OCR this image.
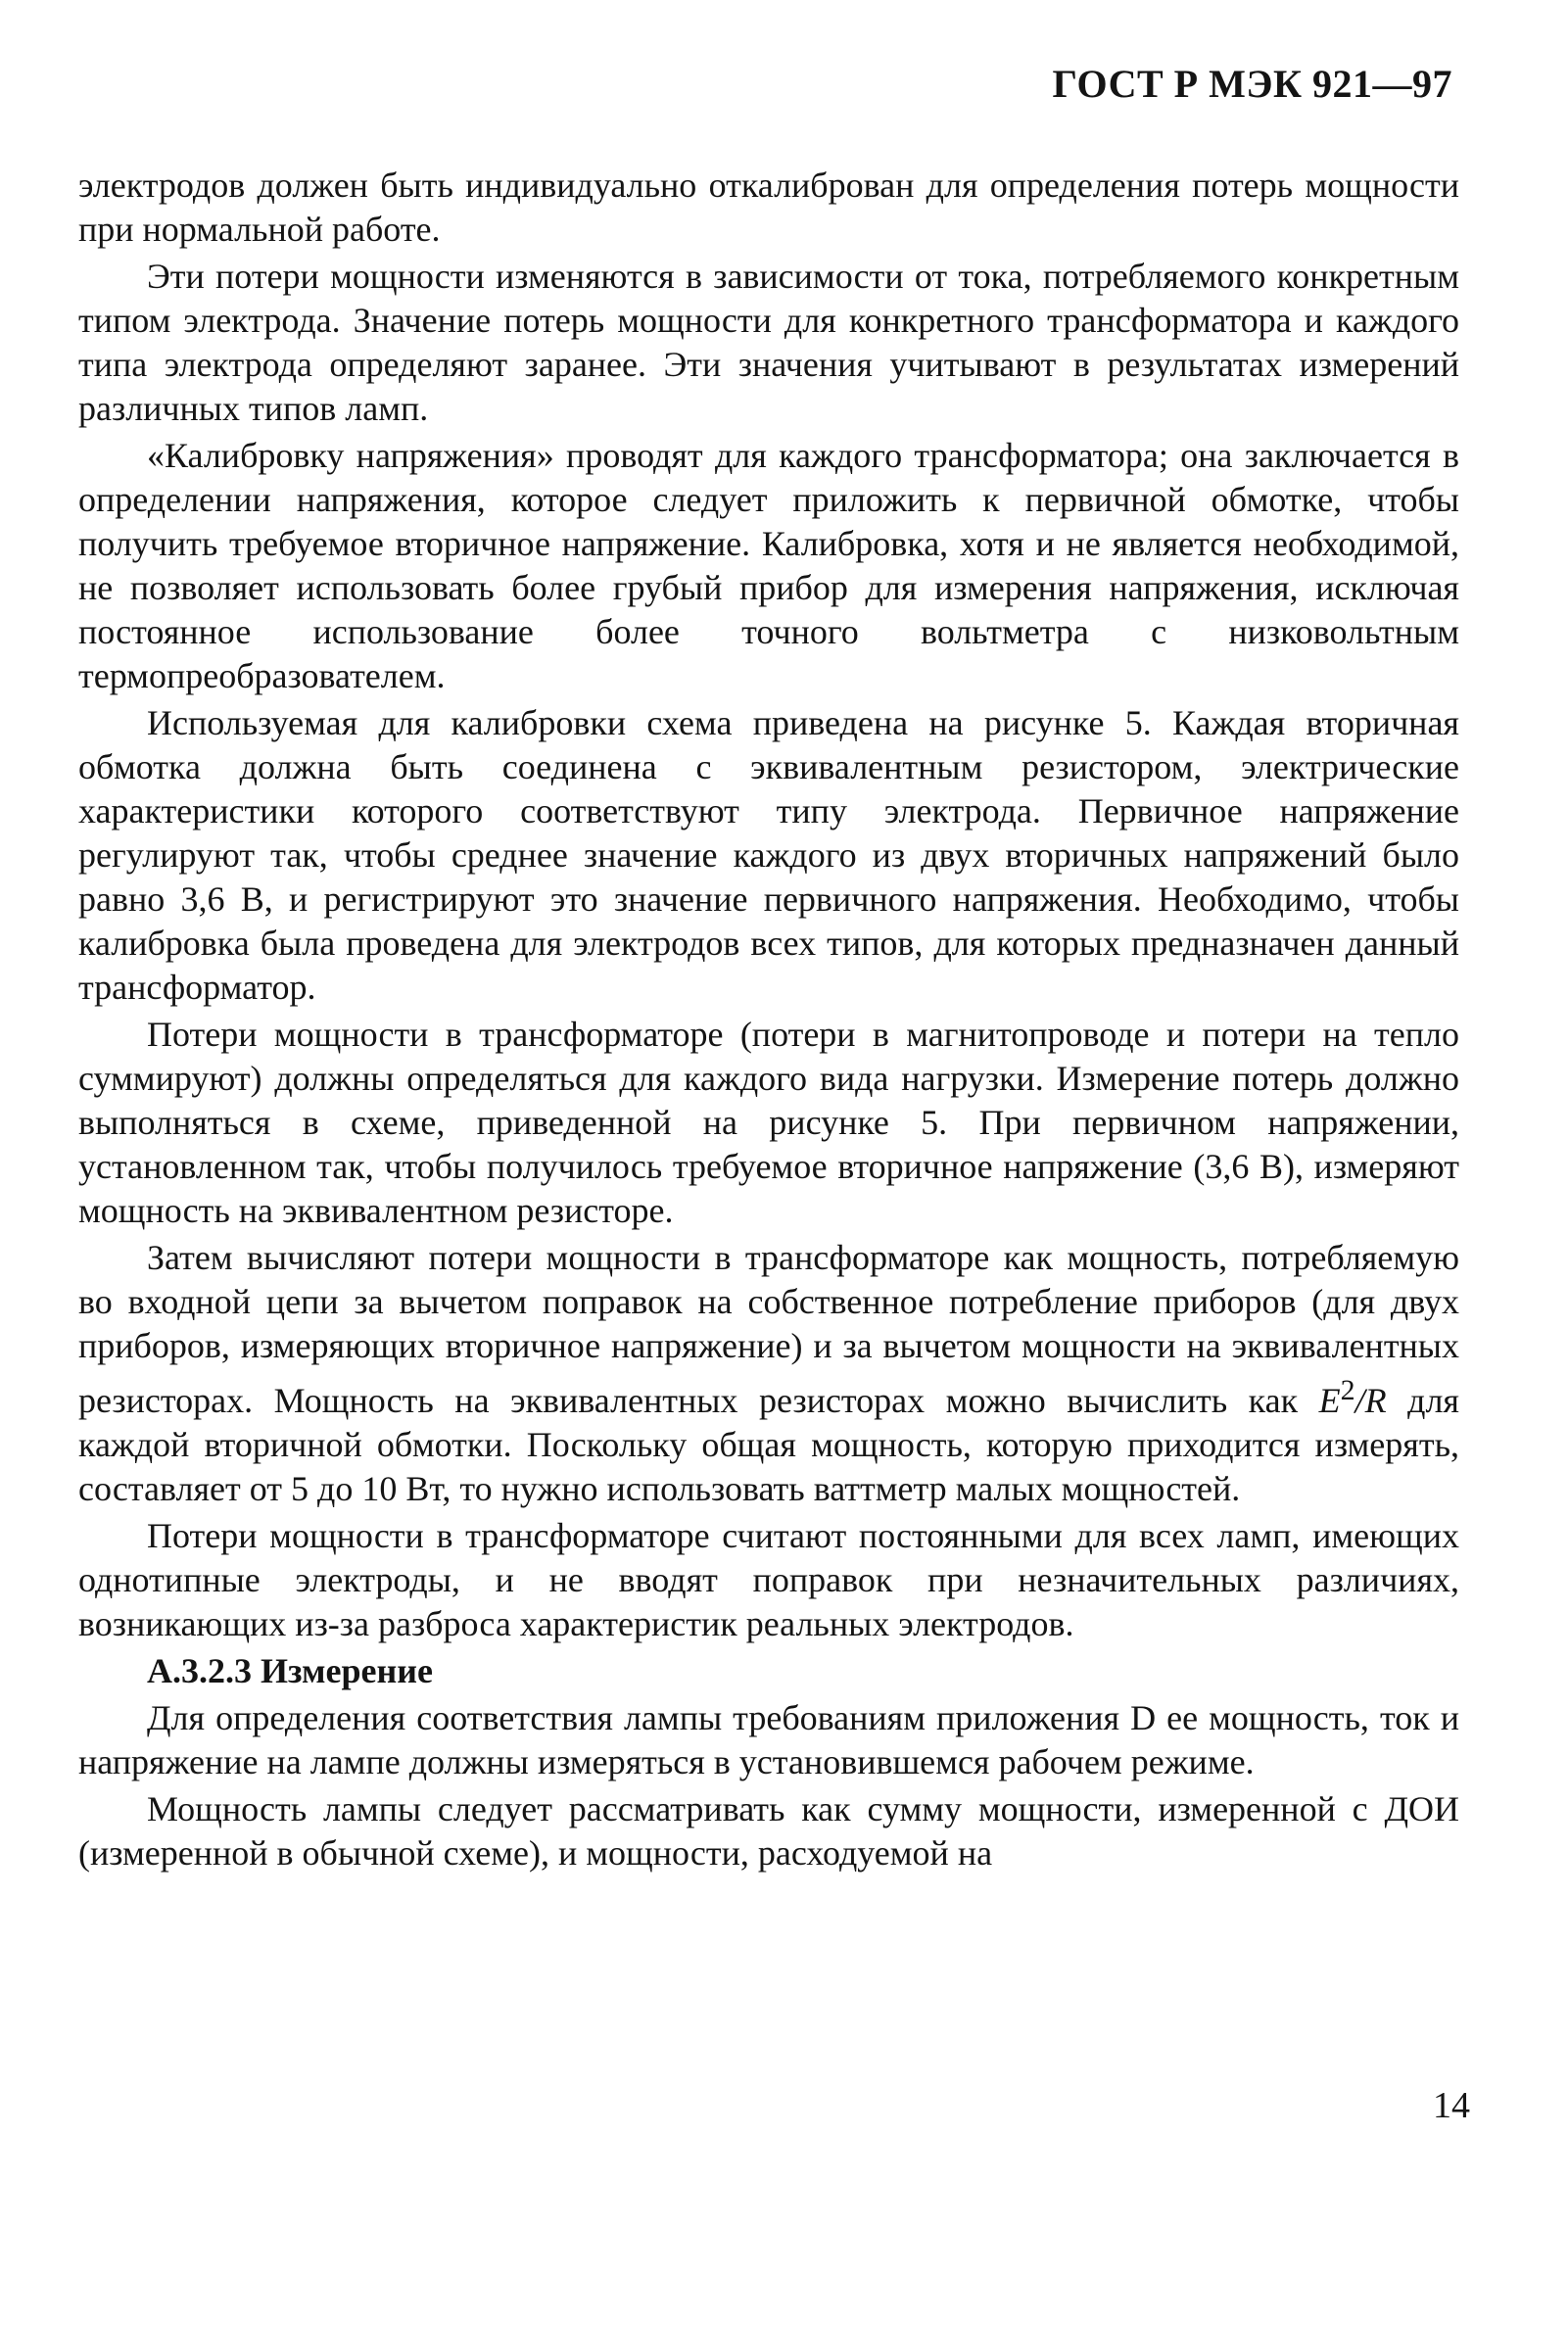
ГОСТ Р МЭК 921—97

электродов должен быть индивидуально откалиброван для определения потерь мощности при нормальной работе.

Эти потери мощности изменяются в зависимости от тока, потребляемого конкретным типом электрода. Значение потерь мощности для конкретного трансформатора и каждого типа электрода определяют заранее. Эти значения учитывают в результатах измерений различных типов ламп.

«Калибровку напряжения» проводят для каждого трансформатора; она заключается в определении напряжения, которое следует приложить к первичной обмотке, чтобы получить требуемое вторичное напряжение. Калибровка, хотя и не является необходимой, не позволяет использовать более грубый прибор для измерения напряжения, исключая постоянное использование более точного вольтметра с низковольтным термопреобразователем.

Используемая для калибровки схема приведена на рисунке 5. Каждая вторичная обмотка должна быть соединена с эквивалентным резистором, электрические характеристики которого соответствуют типу электрода. Первичное напряжение регулируют так, чтобы среднее значение каждого из двух вторичных напряжений было равно 3,6 В, и регистрируют это значение первичного напряжения. Необходимо, чтобы калибровка была проведена для электродов всех типов, для которых предназначен данный трансформатор.

Потери мощности в трансформаторе (потери в магнитопроводе и потери на тепло суммируют) должны определяться для каждого вида нагрузки. Измерение потерь должно выполняться в схеме, приведенной на рисунке 5. При первичном напряжении, установленном так, чтобы получилось требуемое вторичное напряжение (3,6 В), измеряют мощность на эквивалентном резисторе.

Затем вычисляют потери мощности в трансформаторе как мощность, потребляемую во входной цепи за вычетом поправок на собственное потребление приборов (для двух приборов, измеряющих вторичное напряжение) и за вычетом мощности на эквивалентных резисторах. Мощность на эквивалентных резисторах можно вычислить как $E^2/R$ для каждой вторичной обмотки. Поскольку общая мощность, которую приходится измерять, составляет от 5 до 10 Вт, то нужно использовать ваттметр малых мощностей.

Потери мощности в трансформаторе считают постоянными для всех ламп, имеющих однотипные электроды, и не вводят поправок при незначительных различиях, возникающих из-за разброса характеристик реальных электродов.

А.3.2.3 Измерение

Для определения соответствия лампы требованиям приложения D ее мощность, ток и напряжение на лампе должны измеряться в установившемся рабочем режиме.

Мощность лампы следует рассматривать как сумму мощности, измеренной с ДОИ (измеренной в обычной схеме), и мощности, расходуемой на

14
